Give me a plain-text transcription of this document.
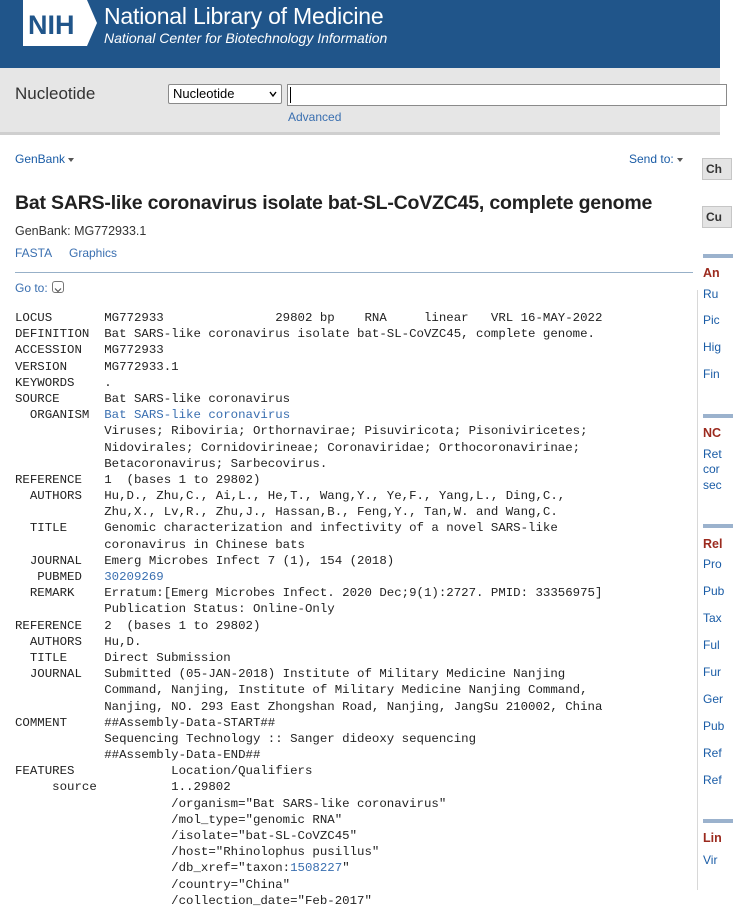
NIH National Library of Medicine
National Center for Biotechnology Information
Nucleotide	Nucleotide
Advanced
GenBank	Send to:
Bat SARS-like coronavirus isolate bat-SL-CoVZC45, complete genome
GenBank: MG772933.1
FASTA Graphics
Go to:
LOCUS       MG772933               29802 bp    RNA     linear   VRL 16-MAY-2022
DEFINITION  Bat SARS-like coronavirus isolate bat-SL-CoVZC45, complete genome.
ACCESSION   MG772933
VERSION     MG772933.1
KEYWORDS    .
SOURCE      Bat SARS-like coronavirus
ORGANISM  Bat SARS-like coronavirus
Viruses; Riboviria; Orthornavirae; Pisuviricota; Pisoniviricetes;
Nidovirales; Cornidovirineae; Coronaviridae; Orthocoronavirinae;
Betacoronavirus; Sarbecovirus.
REFERENCE   1  (bases 1 to 29802)
AUTHORS   Hu,D., Zhu,C., Ai,L., He,T., Wang,Y., Ye,F., Yang,L., Ding,C.,
Zhu,X., Lv,R., Zhu,J., Hassan,B., Feng,Y., Tan,W. and Wang,C.
TITLE     Genomic characterization and infectivity of a novel SARS-like
coronavirus in Chinese bats
JOURNAL   Emerg Microbes Infect 7 (1), 154 (2018)
PUBMED   30209269
REMARK    Erratum:[Emerg Microbes Infect. 2020 Dec;9(1):2727. PMID: 33356975]
Publication Status: Online-Only
REFERENCE   2  (bases 1 to 29802)
AUTHORS   Hu,D.
TITLE     Direct Submission
JOURNAL   Submitted (05-JAN-2018) Institute of Military Medicine Nanjing
Command, Nanjing, Institute of Military Medicine Nanjing Command,
Nanjing, NO. 293 East Zhongshan Road, Nanjing, JangSu 210002, China
COMMENT     ##Assembly-Data-START##
Sequencing Technology :: Sanger dideoxy sequencing
##Assembly-Data-END##
FEATURES             Location/Qualifiers
source          1..29802
/organism="Bat SARS-like coronavirus"
/mol_type="genomic RNA"
/isolate="bat-SL-CoVZC45"
/host="Rhinolophus pusillus"
/db_xref="taxon:1508227"
/country="China"
/collection_date="Feb-2017"
Ch
Cu
An
Ru
Pic
Hig
Fin
NC
Ret
cor
sec
Rel
Pro
Pub
Tax
Ful
Fur
Ger
Pub
Ref
Ref
Lin
Vir
